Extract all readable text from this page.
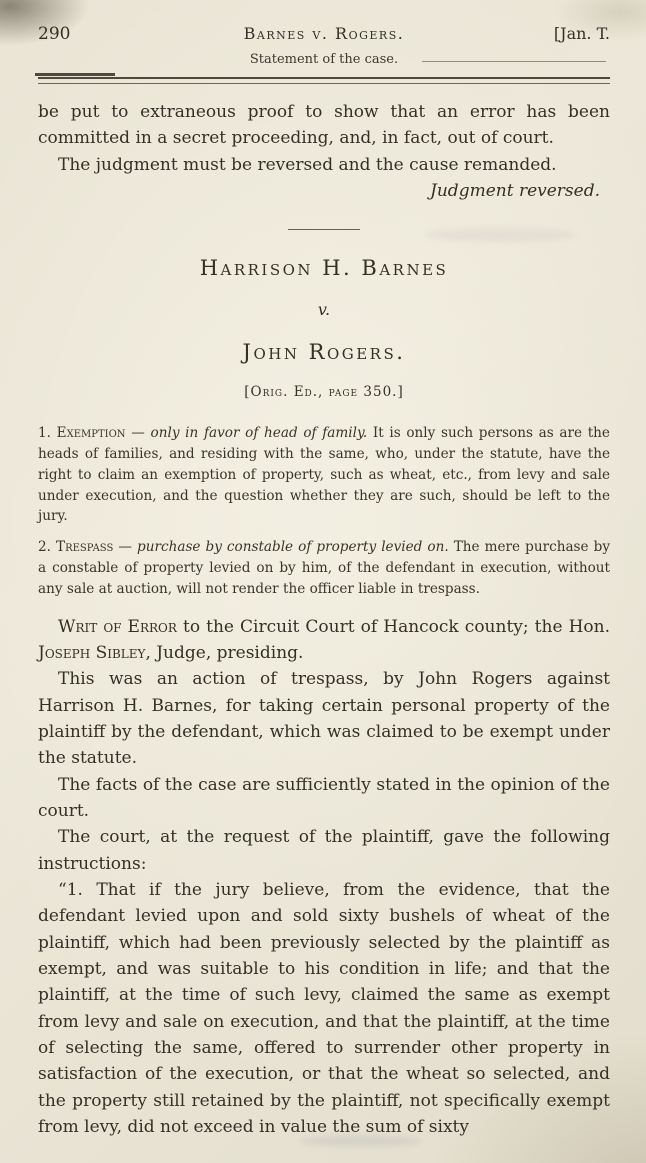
290	Barnes v. Rogers.	[Jan. T.
Statement of the case.

be put to extraneous proof to show that an error has been committed in a secret proceeding, and, in fact, out of court.

The judgment must be reversed and the cause remanded.

Judgment reversed.

Harrison H. Barnes
v.
John Rogers.
[Orig. Ed., page 350.]

1. Exemption — only in favor of head of family. It is only such persons as are the heads of families, and residing with the same, who, under the statute, have the right to claim an exemption of property, such as wheat, etc., from levy and sale under execution, and the question whether they are such, should be left to the jury.

2. Trespass — purchase by constable of property levied on. The mere purchase by a constable of property levied on by him, of the defendant in execution, without any sale at auction, will not render the officer liable in trespass.

Writ of Error to the Circuit Court of Hancock county; the Hon. Joseph Sibley, Judge, presiding.

This was an action of trespass, by John Rogers against Harrison H. Barnes, for taking certain personal property of the plaintiff by the defendant, which was claimed to be exempt under the statute.

The facts of the case are sufficiently stated in the opinion of the court.

The court, at the request of the plaintiff, gave the following instructions:

“1. That if the jury believe, from the evidence, that the defendant levied upon and sold sixty bushels of wheat of the plaintiff, which had been previously selected by the plaintiff as exempt, and was suitable to his condition in life; and that the plaintiff, at the time of such levy, claimed the same as exempt from levy and sale on execution, and that the plaintiff, at the time of selecting the same, offered to surrender other property in satisfaction of the execution, or that the wheat so selected, and the property still retained by the plaintiff, not specifically exempt from levy, did not exceed in value the sum of sixty
